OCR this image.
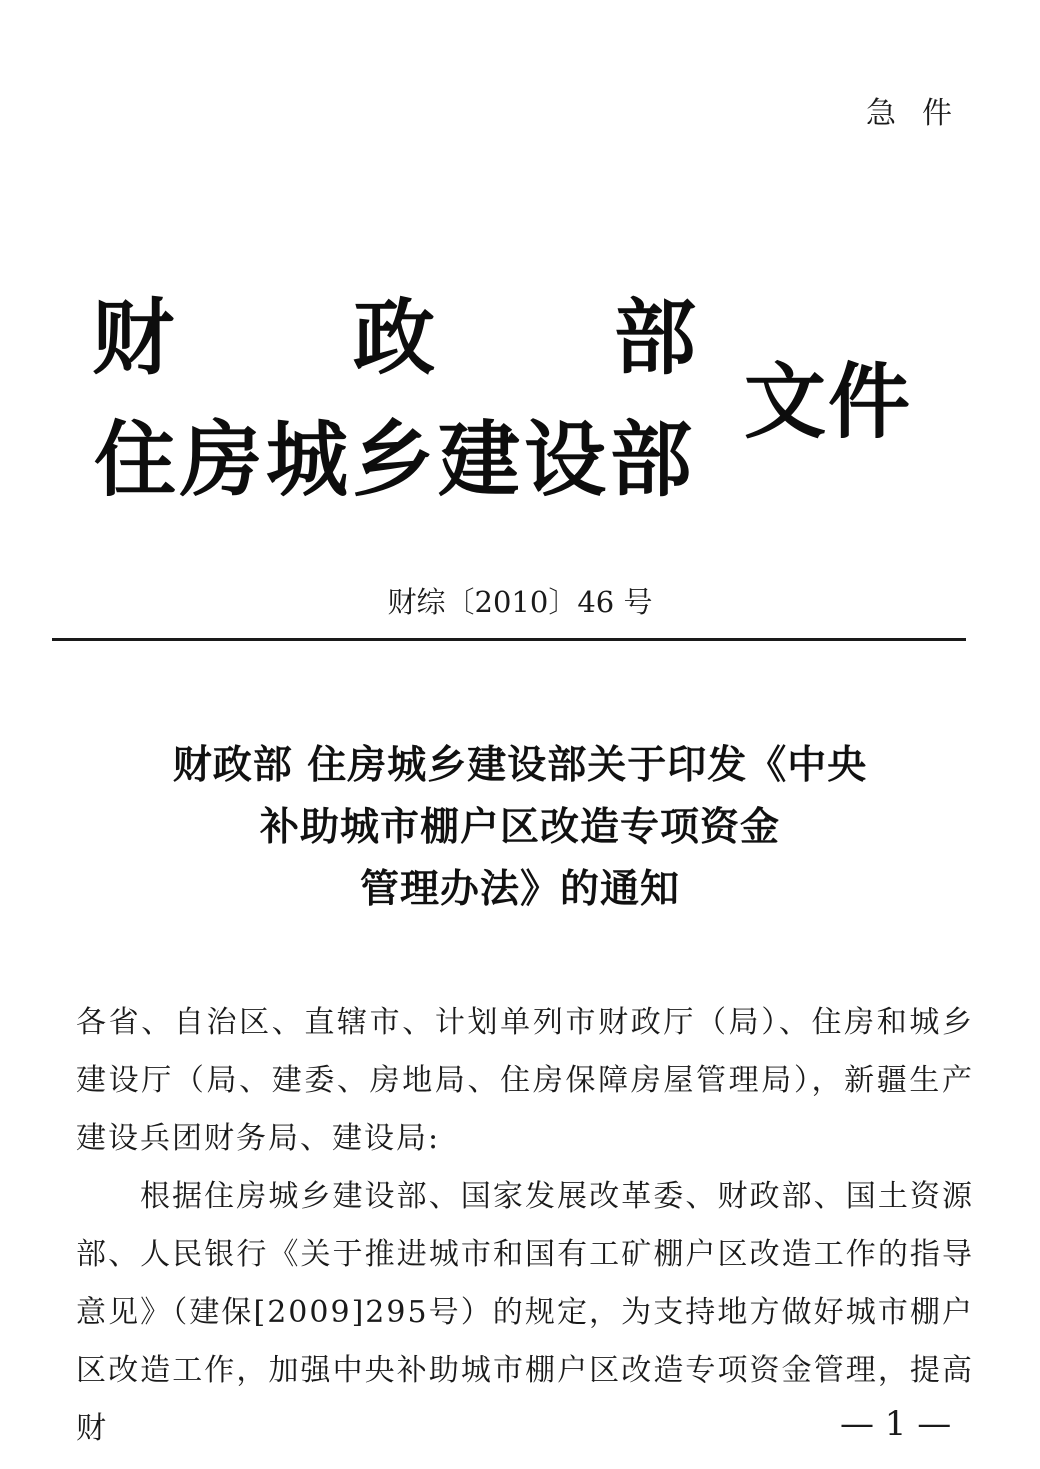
急件
财 政 部
住房城乡建设部
文件
财综〔2010〕46 号
财政部 住房城乡建设部关于印发《中央
补助城市棚户区改造专项资金
管理办法》的通知
各省、自治区、直辖市、计划单列市财政厅（局）、住房和城乡建设厅（局、建委、房地局、住房保障房屋管理局），新疆生产建设兵团财务局、建设局:
根据住房城乡建设部、国家发展改革委、财政部、国土资源部、人民银行《关于推进城市和国有工矿棚户区改造工作的指导意见》（建保[2009]295号）的规定，为支持地方做好城市棚户区改造工作，加强中央补助城市棚户区改造专项资金管理，提高财	— 1 —
